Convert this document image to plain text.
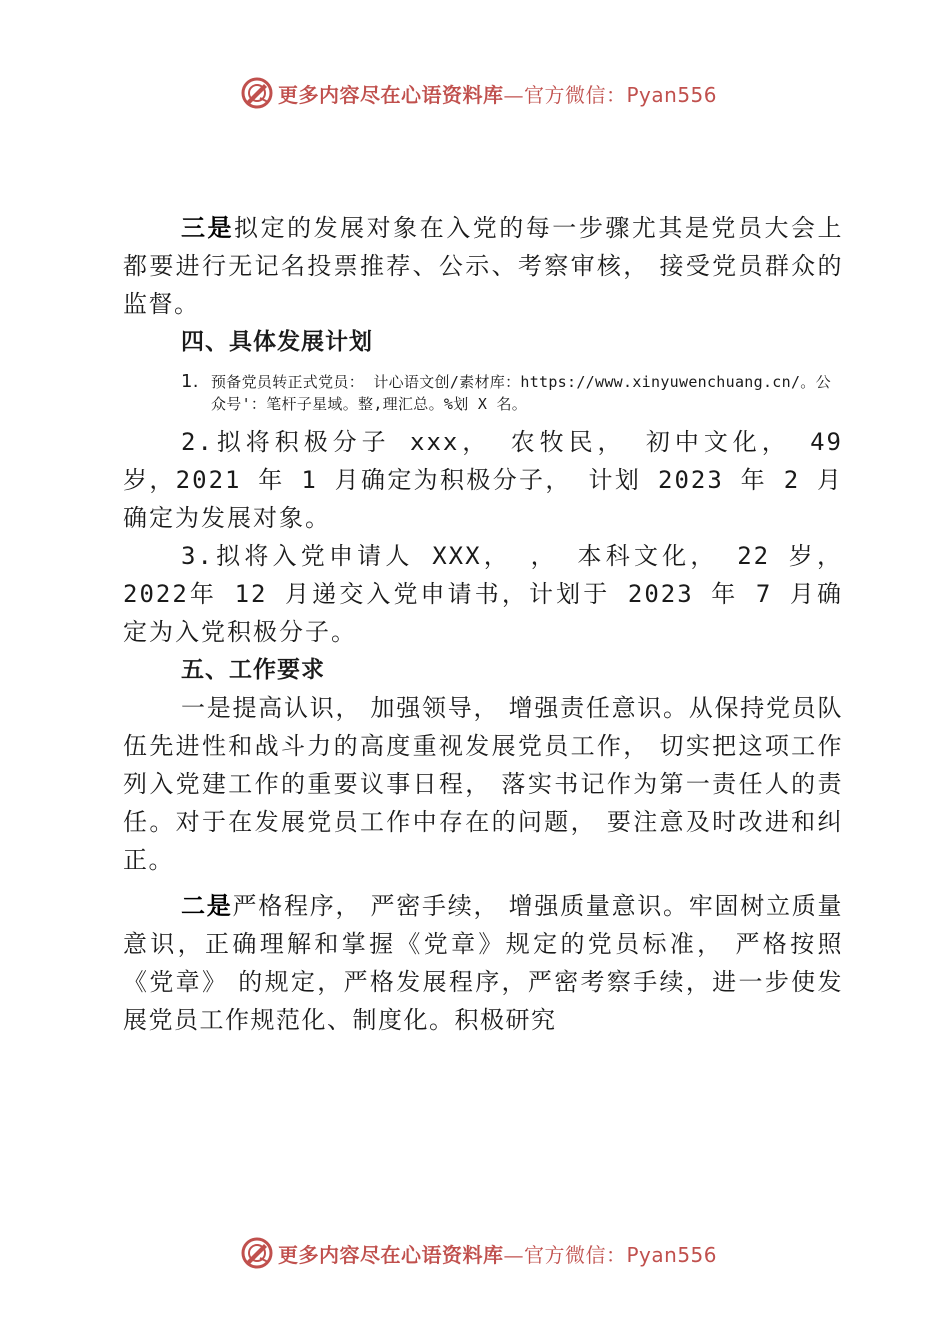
更多内容尽在心语资料库—官方微信：Pyan556

三是拟定的发展对象在入党的每一步骤尤其是党员大会上都要进行无记名投票推荐、公示、考察审核， 接受党员群众的监督。

四、具体发展计划

1. 预备党员转正式党员： 计心语文创/素材库：https://www.xinyuwenchuang.cn/。公众号'：笔杆子星域。整,理汇总。%划 X 名。

2.拟将积极分子 xxx， 农牧民， 初中文化， 49 岁，2021 年 1 月确定为积极分子， 计划 2023 年 2 月确定为发展对象。

3.拟将入党申请人 XXX， ， 本科文化， 22 岁， 2022年 12 月递交入党申请书，计划于 2023 年 7 月确定为入党积极分子。

五、工作要求

一是提高认识， 加强领导， 增强责任意识。从保持党员队伍先进性和战斗力的高度重视发展党员工作， 切实把这项工作列入党建工作的重要议事日程， 落实书记作为第一责任人的责任。对于在发展党员工作中存在的问题， 要注意及时改进和纠正。

二是严格程序， 严密手续， 增强质量意识。牢固树立质量意识，正确理解和掌握《党章》规定的党员标准， 严格按照《党章》 的规定，严格发展程序，严密考察手续，进一步使发展党员工作规范化、制度化。积极研究

更多内容尽在心语资料库—官方微信：Pyan556
